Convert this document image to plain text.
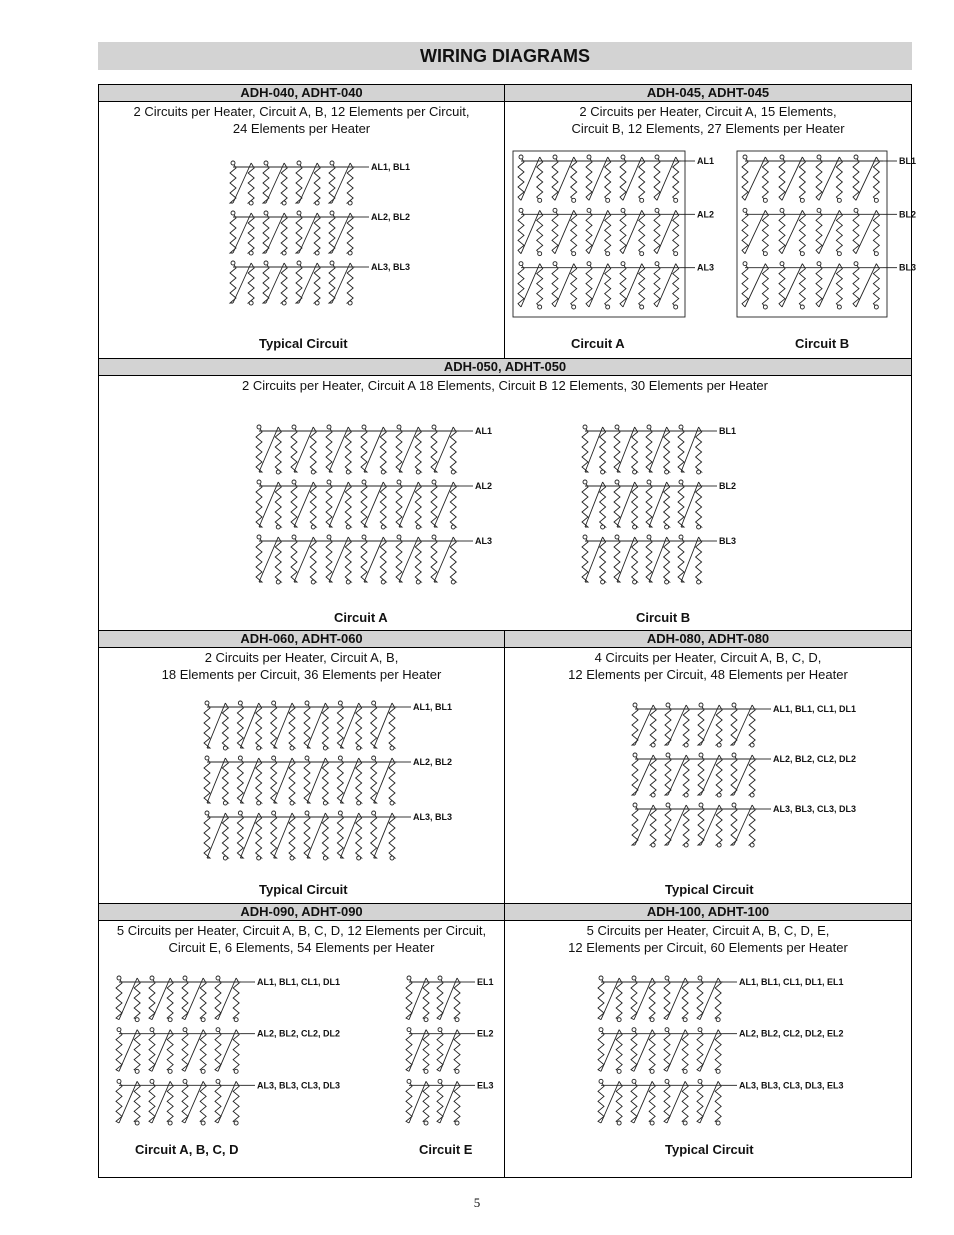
WIRING DIAGRAMS
ADH-040, ADHT-040
2 Circuits per Heater, Circuit A, B, 12 Elements per Circuit,
24 Elements per Heater
AL1, BL1
AL2, BL2
AL3, BL3
Typical Circuit
ADH-045, ADHT-045
2 Circuits per Heater, Circuit A, 15 Elements,
Circuit B, 12 Elements, 27 Elements per Heater
AL1
AL2
AL3
BL1
BL2
BL3
Circuit A	Circuit B
ADH-050, ADHT-050
2 Circuits per Heater, Circuit A 18 Elements, Circuit B 12 Elements, 30 Elements per Heater
AL1
AL2
AL3
BL1
BL2
BL3
Circuit A	Circuit B
ADH-060, ADHT-060
2 Circuits per Heater, Circuit A, B,
18 Elements per Circuit, 36 Elements per Heater
AL1, BL1
AL2, BL2
AL3, BL3
Typical Circuit
ADH-080, ADHT-080
4 Circuits per Heater, Circuit A, B, C, D,
12 Elements per Circuit, 48 Elements per Heater
AL1, BL1, CL1, DL1
AL2, BL2, CL2, DL2
AL3, BL3, CL3, DL3
Typical Circuit
ADH-090, ADHT-090
5 Circuits per Heater, Circuit A, B, C, D, 12 Elements per Circuit,
Circuit E, 6 Elements, 54 Elements per Heater
AL1, BL1, CL1, DL1
AL2, BL2, CL2, DL2
AL3, BL3, CL3, DL3
EL1
EL2
EL3
Circuit A, B, C, D	Circuit E
ADH-100, ADHT-100
5 Circuits per Heater, Circuit A, B, C, D, E,
12 Elements per Circuit, 60 Elements per Heater
AL1, BL1, CL1, DL1, EL1
AL2, BL2, CL2, DL2, EL2
AL3, BL3, CL3, DL3, EL3
Typical Circuit
5
